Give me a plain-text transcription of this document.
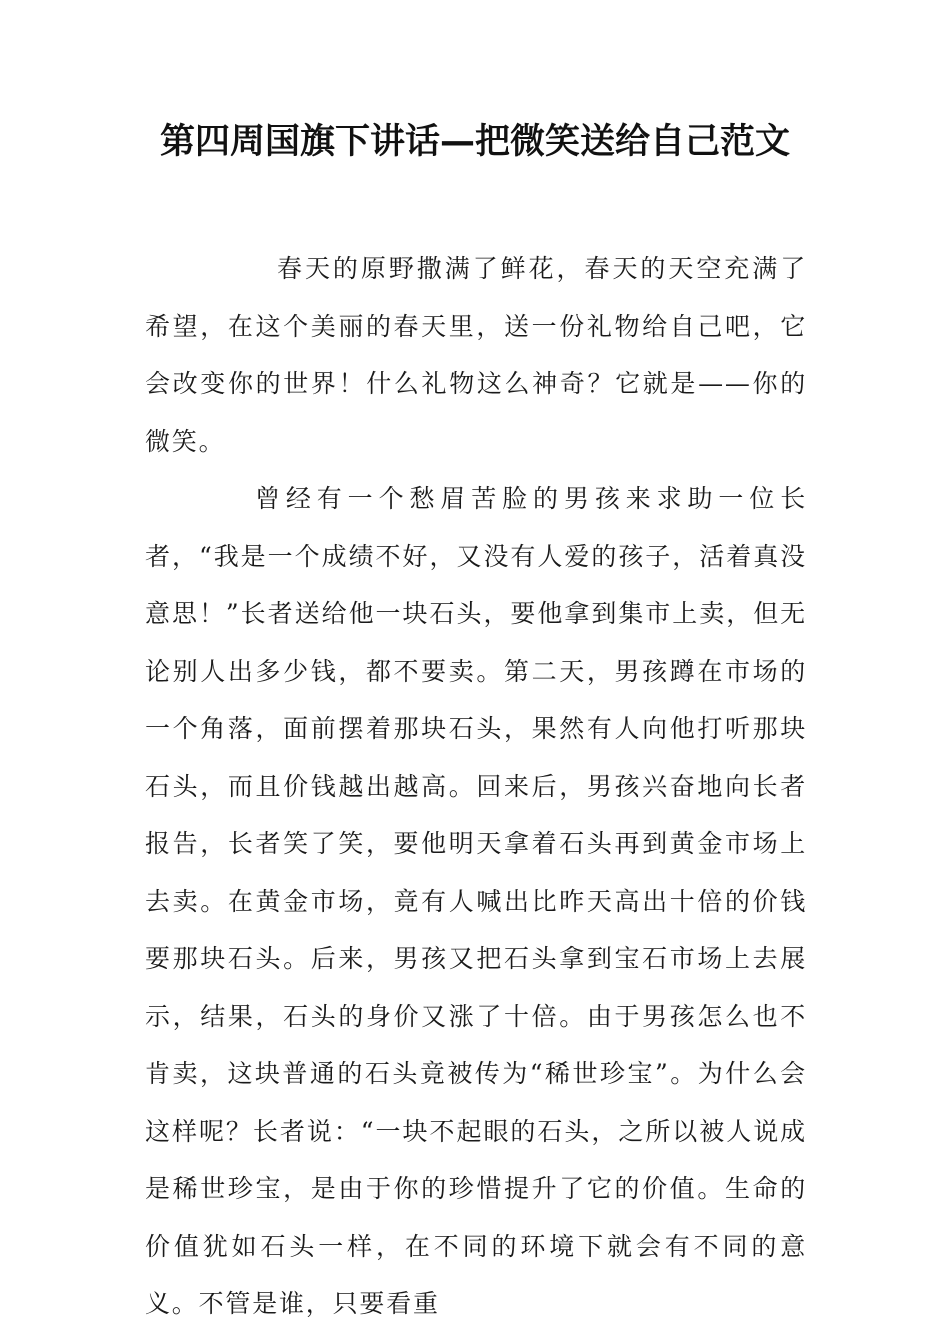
第四周国旗下讲话—把微笑送给自己范文

春天的原野撒满了鲜花，春天的天空充满了希望，在这个美丽的春天里，送一份礼物给自己吧，它会改变你的世界！什么礼物这么神奇？它就是——你的微笑。

曾经有一个愁眉苦脸的男孩来求助一位长者，“我是一个成绩不好，又没有人爱的孩子，活着真没意思！”长者送给他一块石头，要他拿到集市上卖，但无论别人出多少钱，都不要卖。第二天，男孩蹲在市场的一个角落，面前摆着那块石头，果然有人向他打听那块石头，而且价钱越出越高。回来后，男孩兴奋地向长者报告，长者笑了笑，要他明天拿着石头再到黄金市场上去卖。在黄金市场，竟有人喊出比昨天高出十倍的价钱要那块石头。后来，男孩又把石头拿到宝石市场上去展示，结果，石头的身价又涨了十倍。由于男孩怎么也不肯卖，这块普通的石头竟被传为“稀世珍宝”。为什么会这样呢？长者说：“一块不起眼的石头，之所以被人说成是稀世珍宝，是由于你的珍惜提升了它的价值。生命的价值犹如石头一样，在不同的环境下就会有不同的意义。不管是谁，只要看重
